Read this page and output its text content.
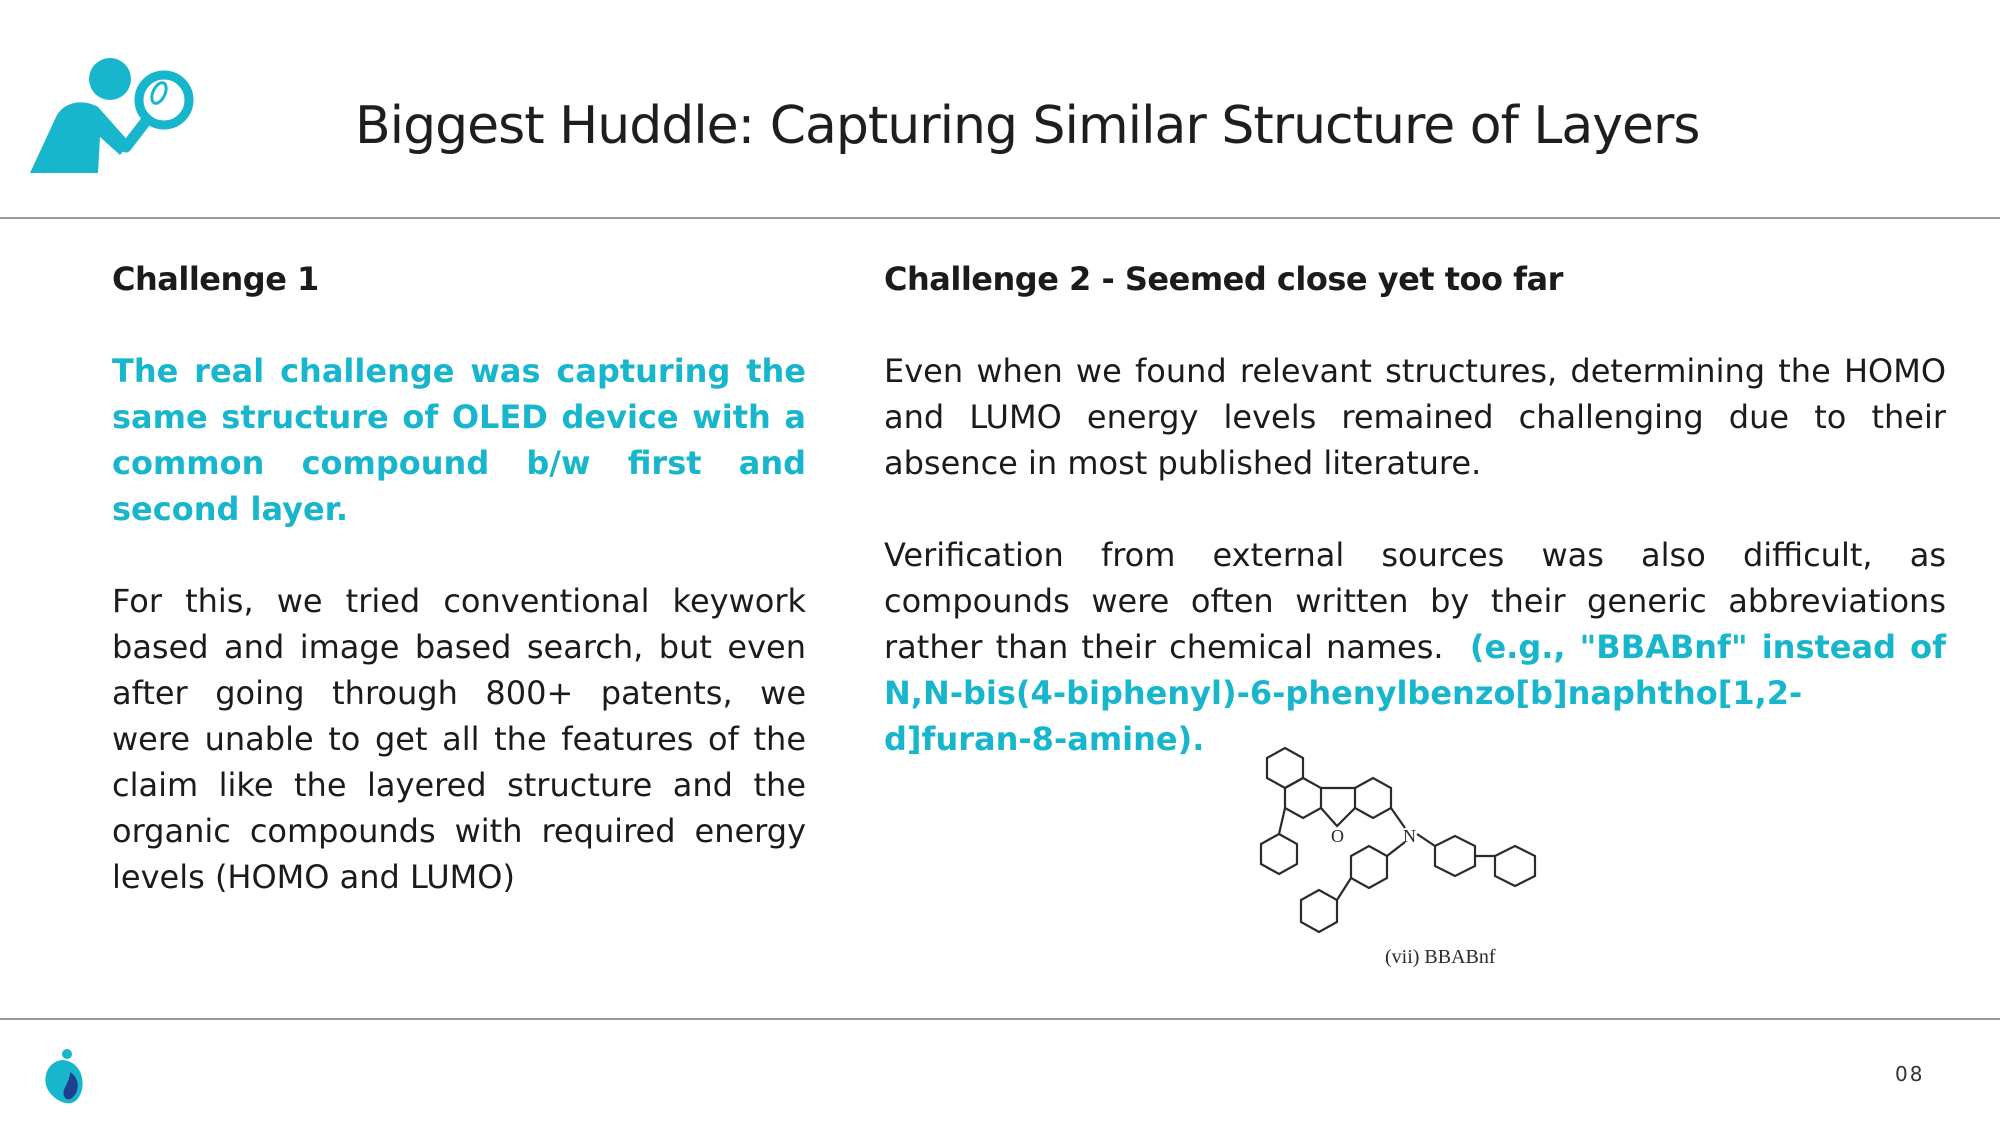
Biggest Huddle: Capturing Similar Structure of Layers

Challenge 1

The real challenge was capturing the same structure of OLED device with a common compound b/w first and second layer.

For this, we tried conventional keywork based and image based search, but even after going through 800+ patents, we were unable to get all the features of the claim like the layered structure and the organic compounds with required energy levels (HOMO and LUMO)

Challenge 2 - Seemed close yet too far

Even when we found relevant structures, determining the HOMO and LUMO energy levels remained challenging due to their absence in most published literature.

Verification from external sources was also difficult, as compounds were often written by their generic abbreviations rather than their chemical names. (e.g., "BBABnf" instead of N,N-bis(4-biphenyl)-6-phenylbenzo[b]naphtho[1,2-d]furan-8-amine).

O	N
(vii) BBABnf
08
